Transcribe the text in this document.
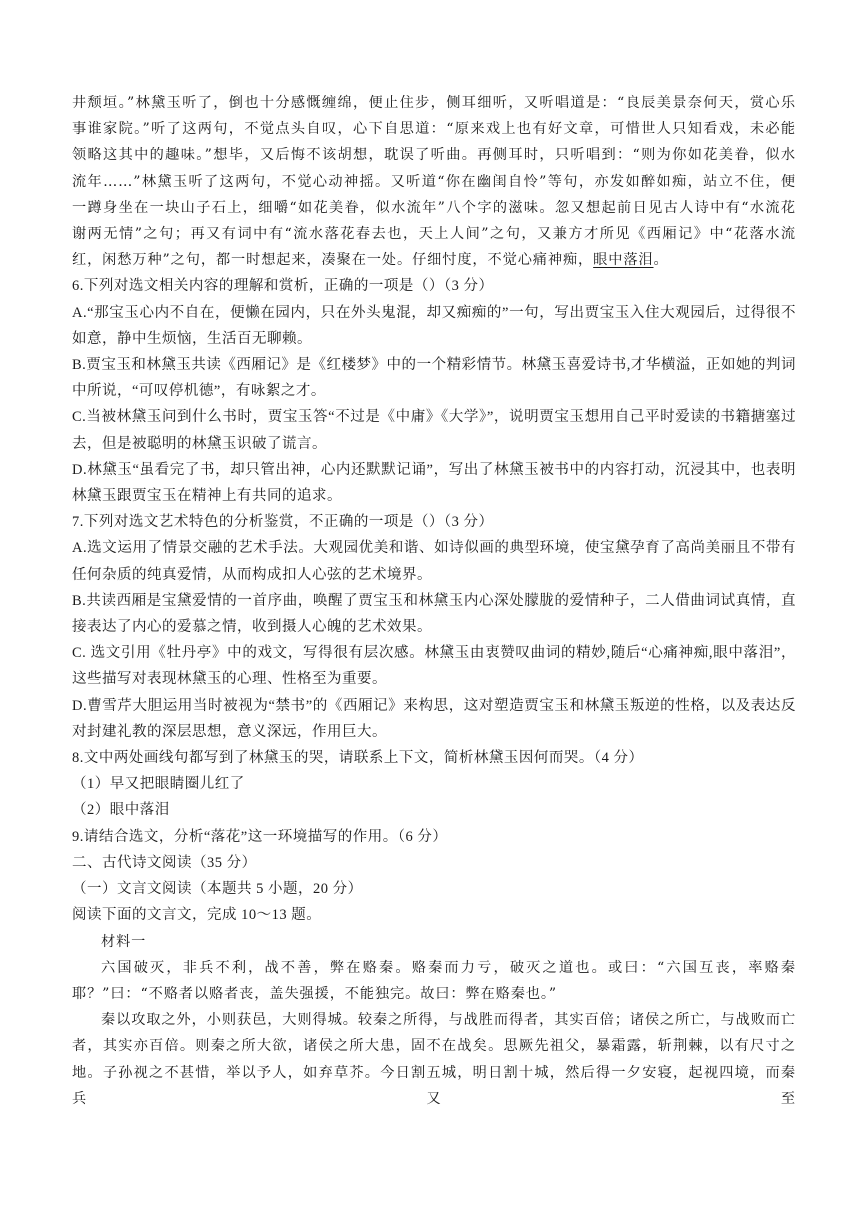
井颓垣。”林黛玉听了，倒也十分感慨缠绵，便止住步，侧耳细听，又听唱道是：“良辰美景奈何天，赏心乐

事谁家院。”听了这两句，不觉点头自叹，心下自思道：“原来戏上也有好文章，可惜世人只知看戏，未必能

领略这其中的趣味。”想毕，又后悔不该胡想，耽误了听曲。再侧耳时，只听唱到：“则为你如花美眷，似水

流年……”林黛玉听了这两句，不觉心动神摇。又听道“你在幽闺自怜”等句，亦发如醉如痴，站立不住，便

一蹲身坐在一块山子石上，细嚼“如花美眷，似水流年”八个字的滋味。忽又想起前日见古人诗中有“水流花

谢两无情”之句；再又有词中有“流水落花春去也，天上人间”之句，又兼方才所见《西厢记》中“花落水流

红，闲愁万种”之句，都一时想起来，凑聚在一处。仔细忖度，不觉心痛神痴，眼中落泪。

6.下列对选文相关内容的理解和赏析，正确的一项是（）（3 分）

A.“那宝玉心内不自在，便懒在园内，只在外头鬼混，却又痴痴的”一句，写出贾宝玉入住大观园后，过得很不如意，静中生烦恼，生活百无聊赖。

B.贾宝玉和林黛玉共读《西厢记》是《红楼梦》中的一个精彩情节。林黛玉喜爱诗书,才华横溢，正如她的判词中所说，“可叹停机德”，有咏絮之才。

C.当被林黛玉问到什么书时，贾宝玉答“不过是《中庸》《大学》”，说明贾宝玉想用自己平时爱读的书籍搪塞过去，但是被聪明的林黛玉识破了谎言。

D.林黛玉“虽看完了书，却只管出神，心内还默默记诵”，写出了林黛玉被书中的内容打动，沉浸其中，也表明林黛玉跟贾宝玉在精神上有共同的追求。

7.下列对选文艺术特色的分析鉴赏，不正确的一项是（）（3 分）

A.选文运用了情景交融的艺术手法。大观园优美和谐、如诗似画的典型环境，使宝黛孕育了高尚美丽且不带有任何杂质的纯真爱情，从而构成扣人心弦的艺术境界。

B.共读西厢是宝黛爱情的一首序曲，唤醒了贾宝玉和林黛玉内心深处朦胧的爱情种子，二人借曲词试真情，直接表达了内心的爱慕之情，收到摄人心魄的艺术效果。

C. 选文引用《牡丹亭》中的戏文，写得很有层次感。林黛玉由衷赞叹曲词的精妙,随后“心痛神痴,眼中落泪”，这些描写对表现林黛玉的心理、性格至为重要。

D.曹雪芹大胆运用当时被视为“禁书”的《西厢记》来构思，这对塑造贾宝玉和林黛玉叛逆的性格，以及表达反对封建礼教的深层思想，意义深远，作用巨大。

8.文中两处画线句都写到了林黛玉的哭，请联系上下文，简析林黛玉因何而哭。（4 分）

（1）早又把眼睛圈儿红了

（2）眼中落泪

9.请结合选文，分析“落花”这一环境描写的作用。（6 分）

二、古代诗文阅读（35 分）

（一）文言文阅读（本题共 5 小题，20 分）

阅读下面的文言文，完成 10～13 题。

材料一

六国破灭，非兵不利，战不善，弊在赂秦。赂秦而力亏，破灭之道也。或曰：“六国互丧，率赂秦耶？”曰：“不赂者以赂者丧，盖失强援，不能独完。故曰：弊在赂秦也。”

秦以攻取之外，小则获邑，大则得城。较秦之所得，与战胜而得者，其实百倍；诸侯之所亡，与战败而亡者，其实亦百倍。则秦之所大欲，诸侯之所大患，固不在战矣。思厥先祖父，暴霜露，斩荆棘，以有尺寸之地。子孙视之不甚惜，举以予人，如弃草芥。今日割五城，明日割十城，然后得一夕安寝，起视四境，而秦兵又至
